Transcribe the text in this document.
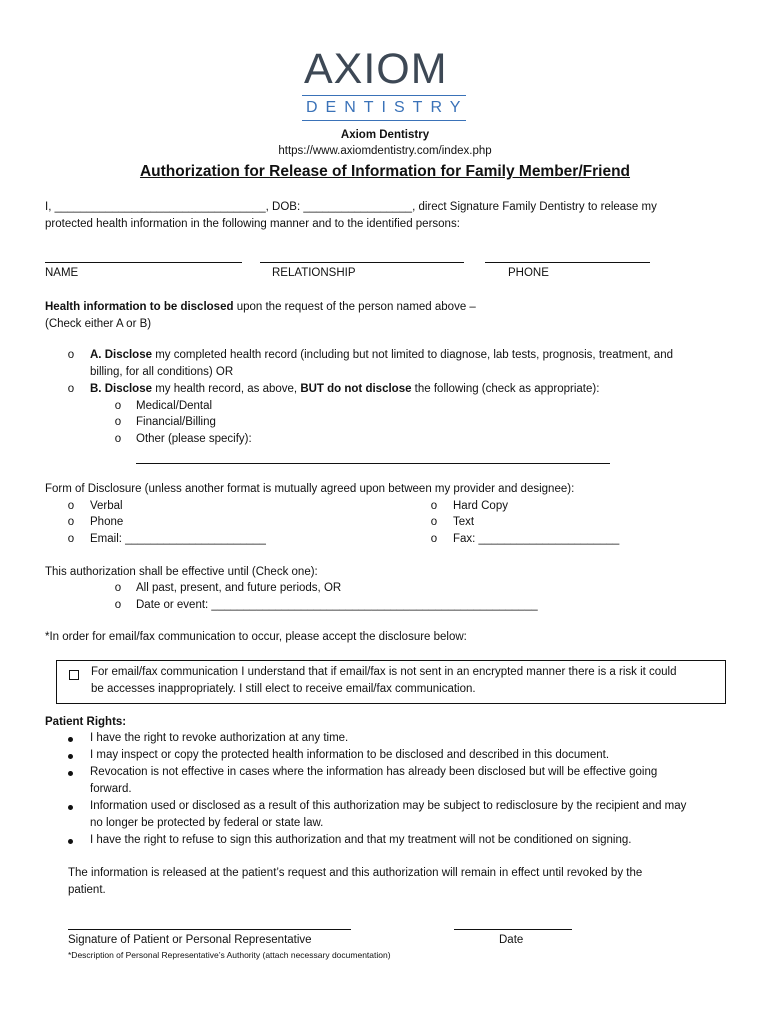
AXIOM
DENTISTRY
Axiom Dentistry
https://www.axiomdentistry.com/index.php
Authorization for Release of Information for Family Member/Friend
I, _________________________________, DOB: _________________, direct Signature Family Dentistry to release my
protected health information in the following manner and to the identified persons:
NAME	RELATIONSHIP	PHONE
Health information to be disclosed upon the request of the person named above –
(Check either A or B)
o A. Disclose my completed health record (including but not limited to diagnose, lab tests, prognosis, treatment, and
billing, for all conditions) OR
o B. Disclose my health record, as above, BUT do not disclose the following (check as appropriate):
o Medical/Dental
o Financial/Billing
o Other (please specify):
Form of Disclosure (unless another format is mutually agreed upon between my provider and designee):
o Verbal
o Phone
o Email: ______________________
o Hard Copy
o Text
o Fax: ______________________
This authorization shall be effective until (Check one):
o All past, present, and future periods, OR
o Date or event: ___________________________________________________
*In order for email/fax communication to occur, please accept the disclosure below:
For email/fax communication I understand that if email/fax is not sent in an encrypted manner there is a risk it could
be accesses inappropriately. I still elect to receive email/fax communication.
Patient Rights:
I have the right to revoke authorization at any time.
I may inspect or copy the protected health information to be disclosed and described in this document.
Revocation is not effective in cases where the information has already been disclosed but will be effective going
forward.
Information used or disclosed as a result of this authorization may be subject to redisclosure by the recipient and may
no longer be protected by federal or state law.
I have the right to refuse to sign this authorization and that my treatment will not be conditioned on signing.
The information is released at the patient’s request and this authorization will remain in effect until revoked by the
patient.
Signature of Patient or Personal Representative	Date
*Description of Personal Representative’s Authority (attach necessary documentation)
